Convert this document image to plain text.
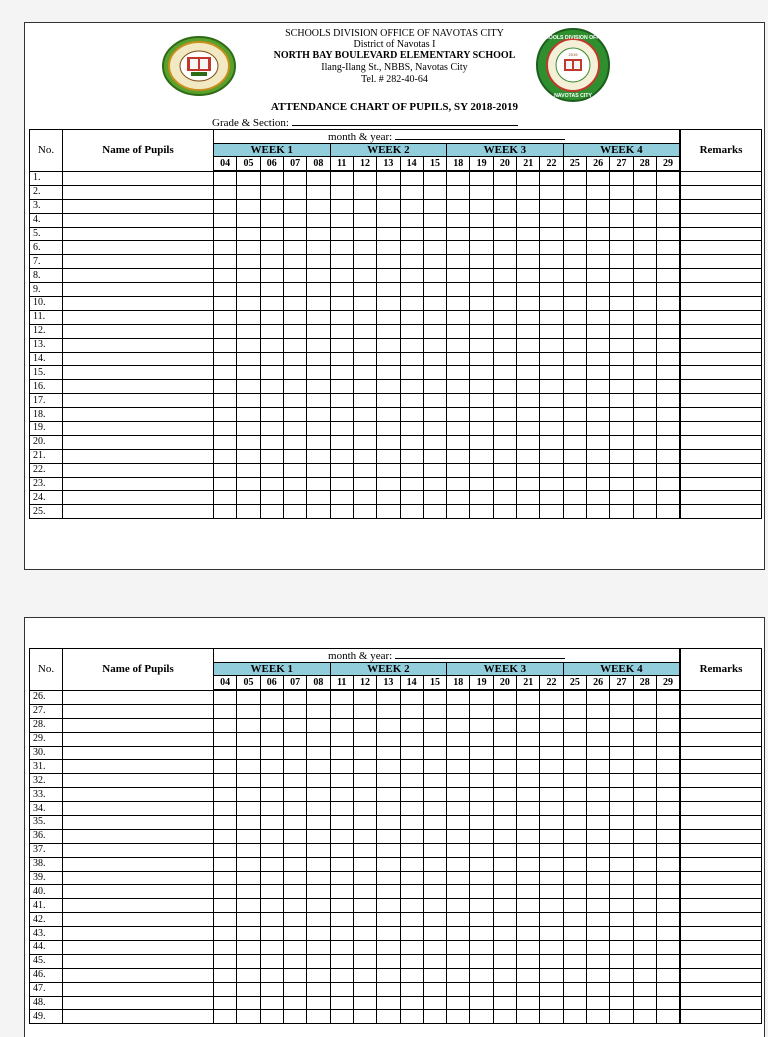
2019
SCHOOLS DIVISION OFFICE
NAVOTAS CITY
SCHOOLS DIVISION OFFICE OF NAVOTAS CITY
District of Navotas I
NORTH BAY BOULEVARD ELEMENTARY SCHOOL
Ilang-Ilang St., NBBS, Navotas City
Tel. # 282-40-64
ATTENDANCE CHART OF PUPILS, SY 2018-2019
Grade & Section:
No.	Name of Pupils	month & year:																				Remarks
		WEEK 1					WEEK 2					WEEK 3					WEEK 4					
		04	05	06	07	08	11	12	13	14	15	18	19	20	21	22	25	26	27	28	29	
1.																						
2.																						
3.																						
4.																						
5.																						
6.																						
7.																						
8.																						
9.																						
10.																						
11.																						
12.																						
13.																						
14.																						
15.																						
16.																						
17.																						
18.																						
19.																						
20.																						
21.																						
22.																						
23.																						
24.																						
25.																						
No.	Name of Pupils	month & year:																				Remarks
		WEEK 1					WEEK 2					WEEK 3					WEEK 4					
		04	05	06	07	08	11	12	13	14	15	18	19	20	21	22	25	26	27	28	29	
26.																						
27.																						
28.																						
29.																						
30.																						
31.																						
32.																						
33.																						
34.																						
35.																						
36.																						
37.																						
38.																						
39.																						
40.																						
41.																						
42.																						
43.																						
44.																						
45.																						
46.																						
47.																						
48.																						
49.																						
